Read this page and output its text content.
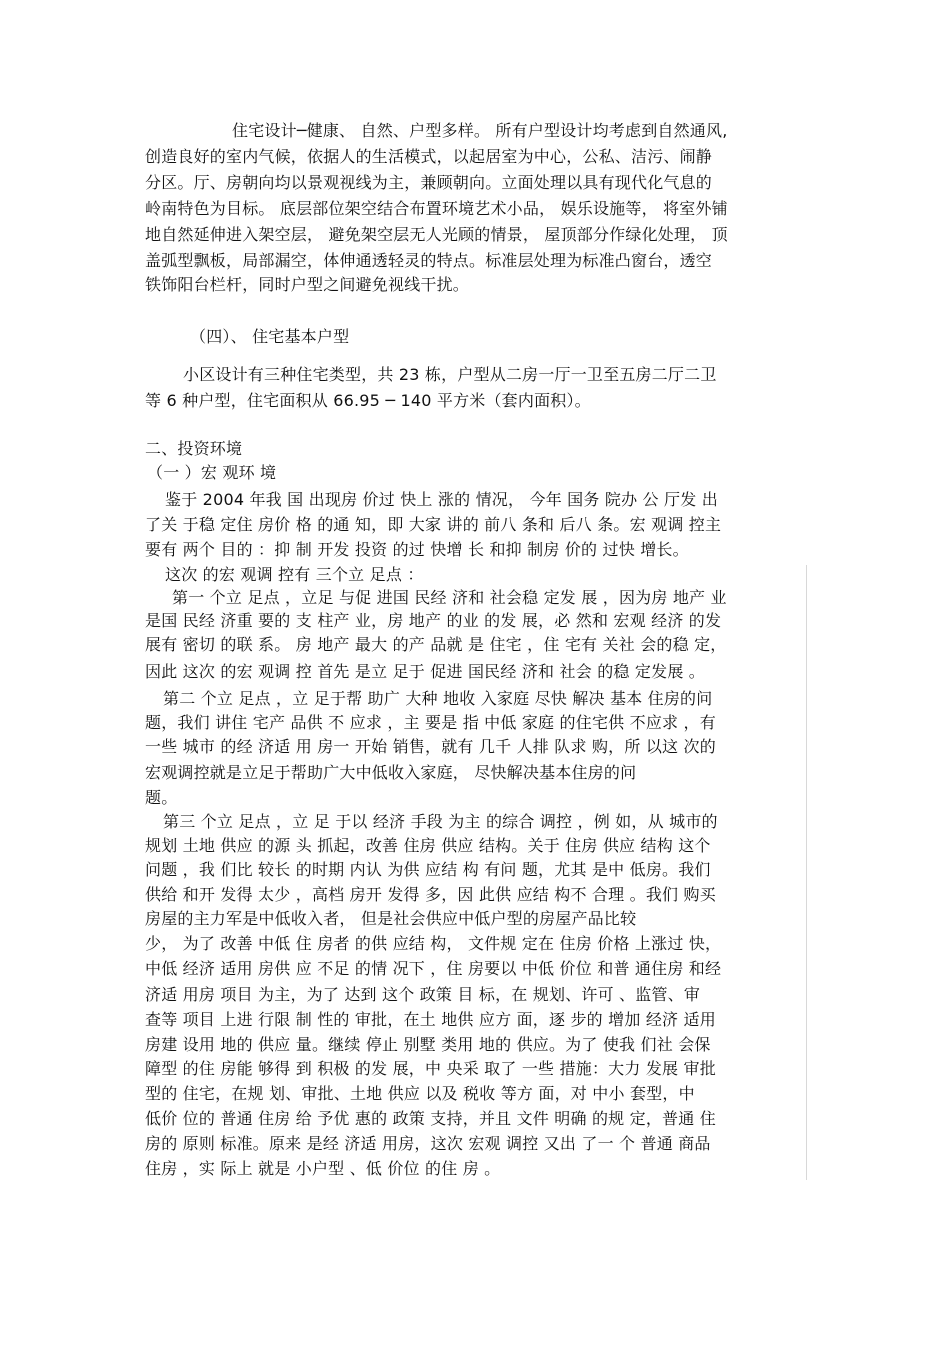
住宅设计─健康、 自然、户型多样。 所有户型设计均考虑到自然通风,
创造良好的室内气候，依据人的生活模式，以起居室为中心，公私、洁污、闹静
分区。厅、房朝向均以景观视线为主，兼顾朝向。立面处理以具有现代化气息的
岭南特色为目标。 底层部位架空结合布置环境艺术小品， 娱乐设施等， 将室外铺
地自然延伸进入架空层， 避免架空层无人光顾的情景， 屋顶部分作绿化处理， 顶
盖弧型飘板，局部漏空，体伸通透轻灵的特点。标准层处理为标准凸窗台，透空
铁饰阳台栏杆，同时户型之间避免视线干扰。
（四）、 住宅基本户型
小区设计有三种住宅类型，共 23 栋，户型从二房一厅一卫至五房二厅二卫
等 6 种户型，住宅面积从 66.95 ─ 140 平方米（套内面积）。
二、投资环境
（一 ）宏 观环 境
鉴于 2004 年我 国 出现房 价过 快上 涨的 情况， 今年 国务 院办 公 厅发 出
了关 于稳 定住 房价 格 的通 知，即 大家 讲的 前八 条和 后八 条。宏 观调 控主
要有 两个 目的 ：抑 制 开发 投资 的过 快增 长 和抑 制房 价的 过快 增长。
这次 的宏 观调 控有 三个立 足点 ：
第一 个立 足点 ，立足 与促 进国 民经 济和 社会稳 定发 展 ，因为房 地产 业
是国 民经 济重 要的 支 柱产 业，房 地产 的业 的发 展，必 然和 宏观 经济 的发
展有 密切 的联 系。 房 地产 最大 的产 品就 是 住宅 ，住 宅有 关社 会的稳 定，
因此 这次 的宏 观调 控 首先 是立 足于 促进 国民经 济和 社会 的稳 定发展 。
第二 个立 足点 ，立 足于帮 助广 大种 地收 入家庭 尽快 解决 基本 住房的问
题，我们 讲住 宅产 品供 不 应求 ，主 要是 指 中低 家庭 的住宅供 不应求 ，有
一些 城市 的经 济适 用 房一 开始 销售，就有 几千 人排 队求 购，所 以这 次的
宏观调控就是立足于帮助广大中低收入家庭， 尽快解决基本住房的问
题。
第三 个立 足点 ，立 足 于以 经济 手段 为主 的综合 调控 ，例 如，从 城市的
规划 土地 供应 的源 头 抓起，改善 住房 供应 结构。关于 住房 供应 结构 这个
问题 ，我 们比 较长 的时期 内认 为供 应结 构 有问 题，尤其 是中 低房。我们
供给 和开 发得 太少 ，高档 房开 发得 多，因 此供 应结 构不 合理 。我们 购买
房屋的主力军是中低收入者， 但是社会供应中低户型的房屋产品比较
少， 为了 改善 中低 住 房者 的供 应结 构， 文件规 定在 住房 价格 上涨过 快，
中低 经济 适用 房供 应 不足 的情 况下 ，住 房要以 中低 价位 和普 通住房 和经
济适 用房 项目 为主，为了 达到 这个 政策 目 标，在 规划、许可 、监管、审
查等 项目 上进 行限 制 性的 审批，在土 地供 应方 面，逐 步的 增加 经济 适用
房建 设用 地的 供应 量。继续 停止 别墅 类用 地的 供应。为了 使我 们社 会保
障型 的住 房能 够得 到 积极 的发 展，中 央采 取了 一些 措施：大力 发展 审批
型的 住宅，在规 划、审批、土地 供应 以及 税收 等方 面，对 中小 套型，中
低价 位的 普通 住房 给 予优 惠的 政策 支持，并且 文件 明确 的规 定，普通 住
房的 原则 标准。原来 是经 济适 用房，这次 宏观 调控 又出 了一 个 普通 商品
住房 ，实 际上 就是 小户型 、低 价位 的住 房 。
